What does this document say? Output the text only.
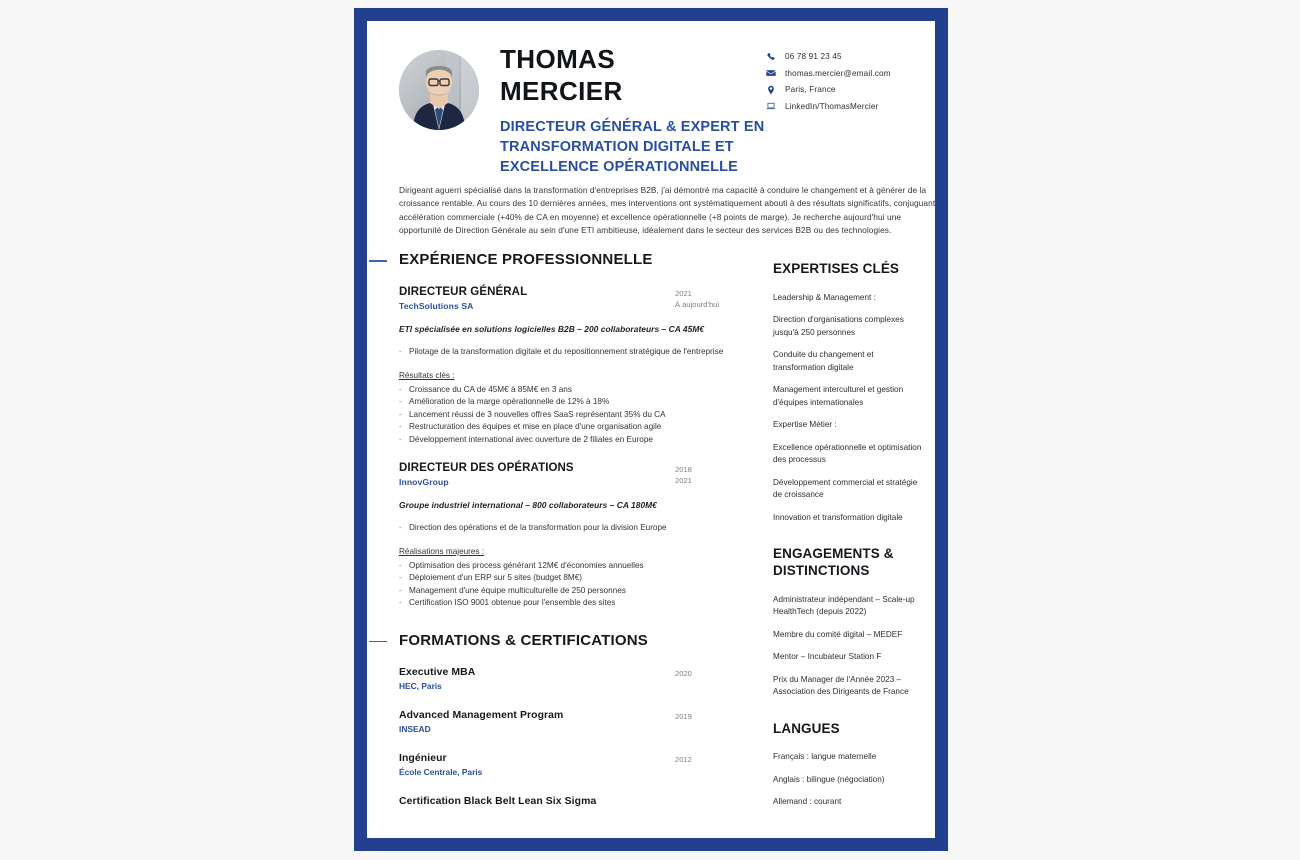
THOMAS
MERCIER
DIRECTEUR GÉNÉRAL & EXPERT EN TRANSFORMATION DIGITALE ET EXCELLENCE OPÉRATIONNELLE
06 78 91 23 45
thomas.mercier@email.com
Paris, France
LinkedIn/ThomasMercier
Dirigeant aguerri spécialisé dans la transformation d'entreprises B2B, j'ai démontré ma capacité à conduire le changement et à générer de la croissance rentable. Au cours des 10 dernières années, mes interventions ont systématiquement abouti à des résultats significatifs, conjuguant accélération commerciale (+40% de CA en moyenne) et excellence opérationnelle (+8 points de marge). Je recherche aujourd'hui une opportunité de Direction Générale au sein d'une ETI ambitieuse, idéalement dans le secteur des services B2B ou des technologies.
EXPÉRIENCE PROFESSIONNELLE
DIRECTEUR GÉNÉRAL
TechSolutions SA
2021
À aujourd'hui
ETI spécialisée en solutions logicielles B2B – 200 collaborateurs – CA 45M€
- Pilotage de la transformation digitale et du repositionnement stratégique de l'entreprise
Résultats clés :
- Croissance du CA de 45M€ à 85M€ en 3 ans
- Amélioration de la marge opérationnelle de 12% à 18%
- Lancement réussi de 3 nouvelles offres SaaS représentant 35% du CA
- Restructuration des équipes et mise en place d'une organisation agile
- Développement international avec ouverture de 2 filiales en Europe
DIRECTEUR DES OPÉRATIONS
InnovGroup
2018
2021
Groupe industriel international – 800 collaborateurs – CA 180M€
- Direction des opérations et de la transformation pour la division Europe
Réalisations majeures :
- Optimisation des process générant 12M€ d'économies annuelles
- Déploiement d'un ERP sur 5 sites (budget 8M€)
- Management d'une équipe multiculturelle de 250 personnes
- Certification ISO 9001 obtenue pour l'ensemble des sites
FORMATIONS & CERTIFICATIONS
Executive MBA
HEC, Paris
2020
Advanced Management Program
INSEAD
2019
Ingénieur
École Centrale, Paris
2012
Certification Black Belt Lean Six Sigma
EXPERTISES CLÉS
Leadership & Management :
Direction d'organisations complexes jusqu'à 250 personnes
Conduite du changement et transformation digitale
Management interculturel et gestion d'équipes internationales
Expertise Métier :
Excellence opérationnelle et optimisation des processus
Développement commercial et stratégie de croissance
Innovation et transformation digitale
ENGAGEMENTS & DISTINCTIONS
Administrateur indépendant – Scale-up HealthTech (depuis 2022)
Membre du comité digital – MEDEF
Mentor – Incubateur Station F
Prix du Manager de l'Année 2023 – Association des Dirigeants de France
LANGUES
Français : langue maternelle
Anglais : bilingue (négociation)
Allemand : courant
